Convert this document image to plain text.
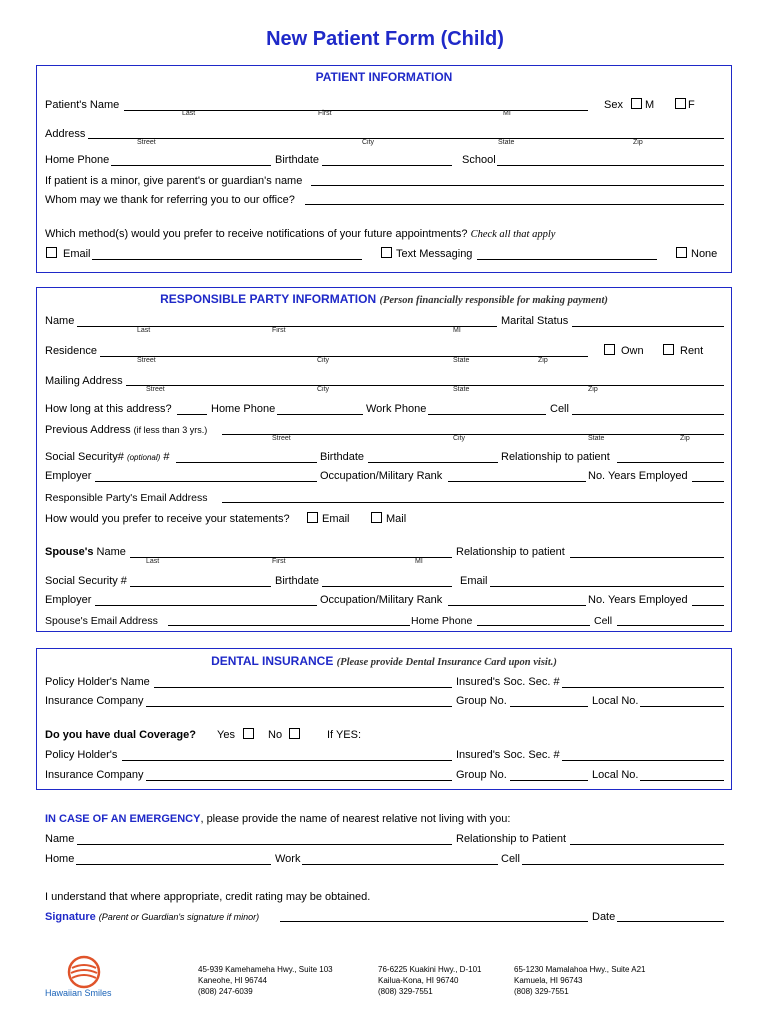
New Patient Form (Child)
PATIENT INFORMATION
Patient's Name
Last	First	MI
Sex M	F
Address
Street	City	State	Zip
Home Phone	Birthdate	School
If patient is a minor, give parent's or guardian's name
Whom may we thank for referring you to our office?
Which method(s) would you prefer to receive notifications of your future appointments? Check all that apply
Email	Text Messaging	None
RESPONSIBLE PARTY INFORMATION (Person financially responsible for making payment)
Name
Last	First	MI
Marital Status
Residence
Street	City	State	Zip
Own	Rent
Mailing Address
Street	City	State	Zip
How long at this address?	Home Phone	Work Phone	Cell
Previous Address (if less than 3 yrs.)
Street	City	State	Zip
Social Security# (optional) #	Birthdate	Relationship to patient
Employer	Occupation/Military Rank	No. Years Employed
Responsible Party's Email Address
How would you prefer to receive your statements?	Email	Mail
Spouse's Name
Last	First	MI
Relationship to patient
Social Security #	Birthdate	Email
Employer	Occupation/Military Rank	No. Years Employed
Spouse's Email Address	Home Phone	Cell
DENTAL INSURANCE (Please provide Dental Insurance Card upon visit.)
Policy Holder's Name	Insured's Soc. Sec. #
Insurance Company	Group No.	Local No.
Do you have dual Coverage? Yes	No	If YES:
Policy Holder's	Insured's Soc. Sec. #
Insurance Company	Group No.	Local No.
IN CASE OF AN EMERGENCY, please provide the name of nearest relative not living with you:
Name	Relationship to Patient
Home	Work	Cell
I understand that where appropriate, credit rating may be obtained.
Signature (Parent or Guardian's signature if minor)	Date
Hawaiian Smiles
45-939 Kamehameha Hwy., Suite 103
Kaneohe, HI 96744
(808) 247-6039
76-6225 Kuakini Hwy., D-101
Kailua-Kona, HI 96740
(808) 329-7551
65-1230 Mamalahoa Hwy., Suite A21
Kamuela, HI 96743
(808) 329-7551
